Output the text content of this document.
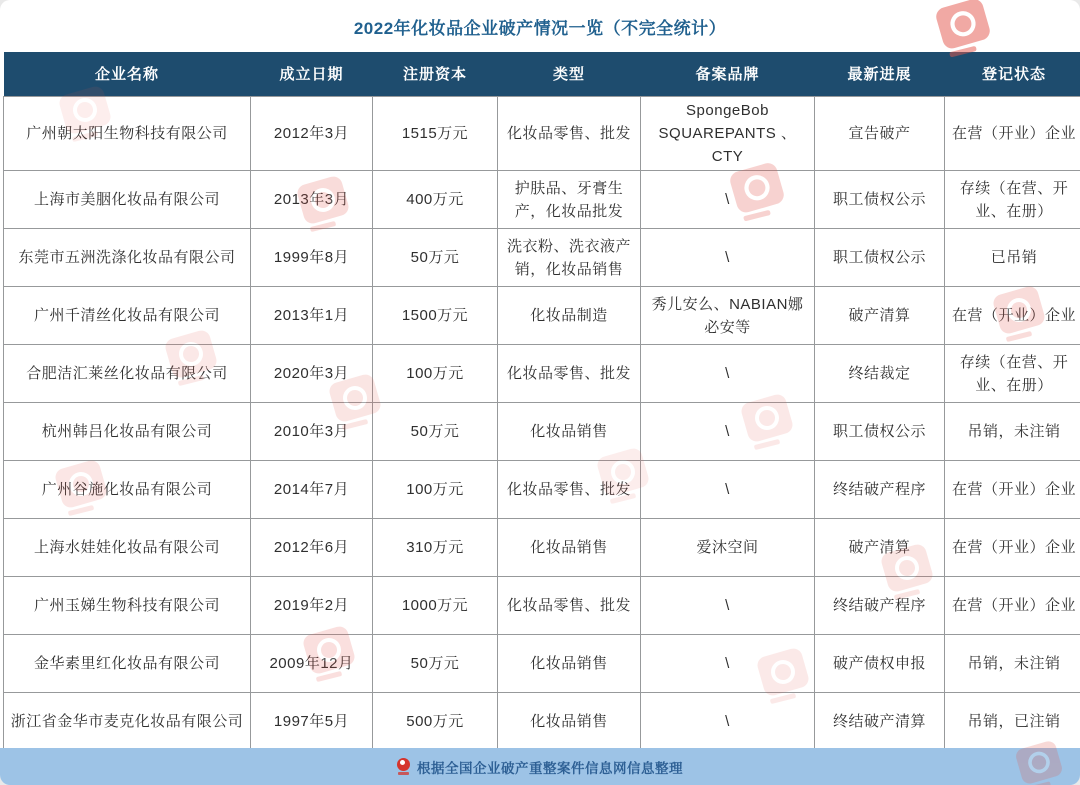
2022年化妆品企业破产情况一览（不完全统计）
企业名称	成立日期	注册资本	类型	备案品牌	最新进展	登记状态
广州朝太阳生物科技有限公司	2012年3月	1515万元	化妆品零售、批发	SpongeBob SQUAREPANTS 、CTY	宣告破产	在营（开业）企业
上海市美胭化妆品有限公司	2013年3月	400万元	护肤品、牙膏生产，化妆品批发	\	职工债权公示	存续（在营、开业、在册）
东莞市五洲洗涤化妆品有限公司	1999年8月	50万元	洗衣粉、洗衣液产销，化妆品销售	\	职工债权公示	已吊销
广州千清丝化妆品有限公司	2013年1月	1500万元	化妆品制造	秀儿安么、NABIAN娜必安等	破产清算	在营（开业）企业
合肥洁汇莱丝化妆品有限公司	2020年3月	100万元	化妆品零售、批发	\	终结裁定	存续（在营、开业、在册）
杭州韩吕化妆品有限公司	2010年3月	50万元	化妆品销售	\	职工债权公示	吊销，未注销
广州谷施化妆品有限公司	2014年7月	100万元	化妆品零售、批发	\	终结破产程序	在营（开业）企业
上海水娃娃化妆品有限公司	2012年6月	310万元	化妆品销售	爱沐空间	破产清算	在营（开业）企业
广州玉娣生物科技有限公司	2019年2月	1000万元	化妆品零售、批发	\	终结破产程序	在营（开业）企业
金华素里红化妆品有限公司	2009年12月	50万元	化妆品销售	\	破产债权申报	吊销，未注销
浙江省金华市麦克化妆品有限公司	1997年5月	500万元	化妆品销售	\	终结破产清算	吊销，已注销
根据全国企业破产重整案件信息网信息整理
